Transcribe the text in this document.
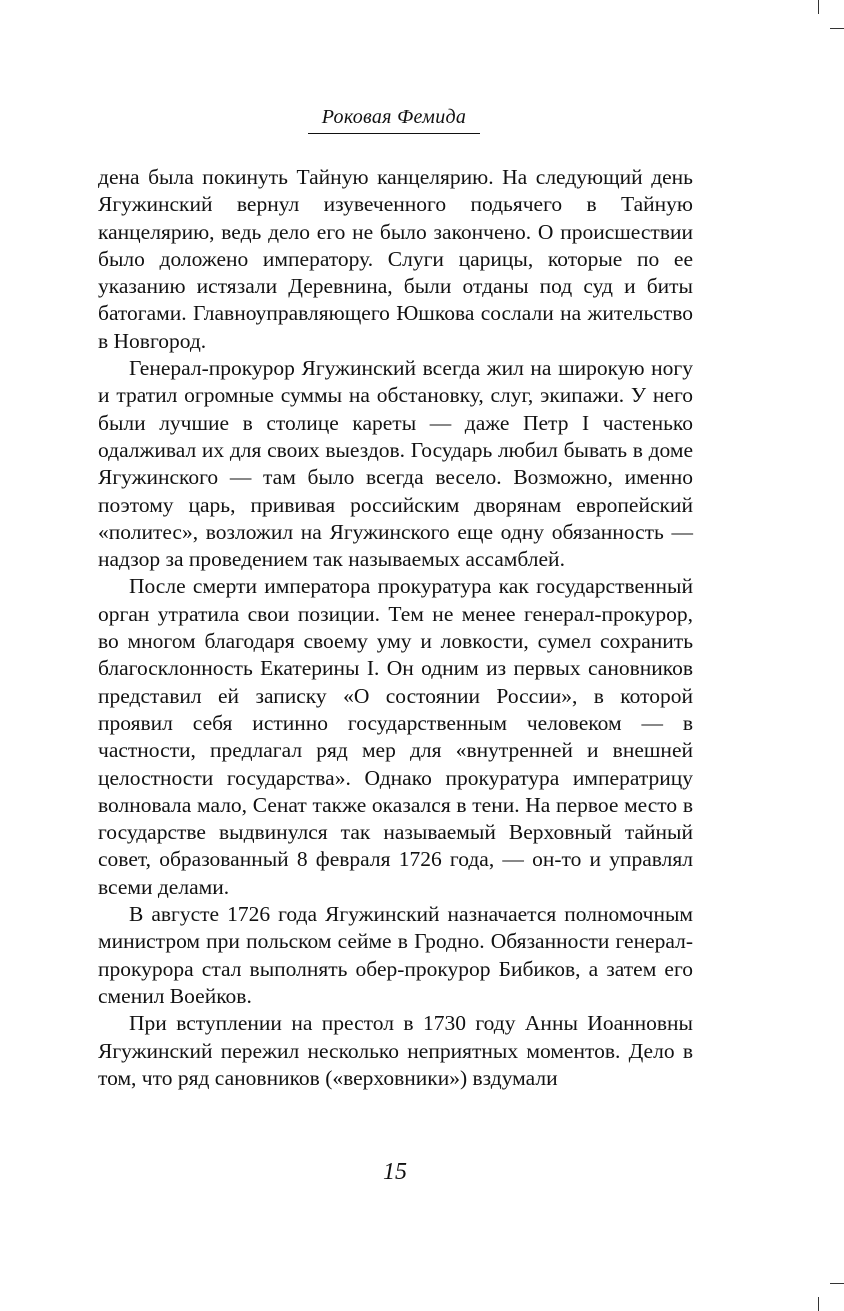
Роковая Фемида

дена была покинуть Тайную канцелярию. На следующий день Ягужинский вернул изувеченного подьячего в Тайную канцелярию, ведь дело его не было закончено. О происшествии было доложено императору. Слуги царицы, которые по ее указанию истязали Деревнина, были отданы под суд и биты батогами. Главноуправляющего Юшкова сослали на жительство в Новгород.

Генерал-прокурор Ягужинский всегда жил на широкую ногу и тратил огромные суммы на обстановку, слуг, экипажи. У него были лучшие в столице кареты — даже Петр I частенько одалживал их для своих выездов. Государь любил бывать в доме Ягужинского — там было всегда весело. Возможно, именно поэтому царь, прививая российским дворянам европейский «политес», возложил на Ягужинского еще одну обязанность — надзор за проведением так называемых ассамблей.

После смерти императора прокуратура как государственный орган утратила свои позиции. Тем не менее генерал-прокурор, во многом благодаря своему уму и ловкости, сумел сохранить благосклонность Екатерины I. Он одним из первых сановников представил ей записку «О состоянии России», в которой проявил себя истинно государственным человеком — в частности, предлагал ряд мер для «внутренней и внешней целостности государства». Однако прокуратура императрицу волновала мало, Сенат также оказался в тени. На первое место в государстве выдвинулся так называемый Верховный тайный совет, образованный 8 февраля 1726 года, — он-то и управлял всеми делами.

В августе 1726 года Ягужинский назначается полномочным министром при польском сейме в Гродно. Обязанности генерал-прокурора стал выполнять обер-прокурор Бибиков, а затем его сменил Воейков.

При вступлении на престол в 1730 году Анны Иоанновны Ягужинский пережил несколько неприятных моментов. Дело в том, что ряд сановников («верховники») вздумали

15
